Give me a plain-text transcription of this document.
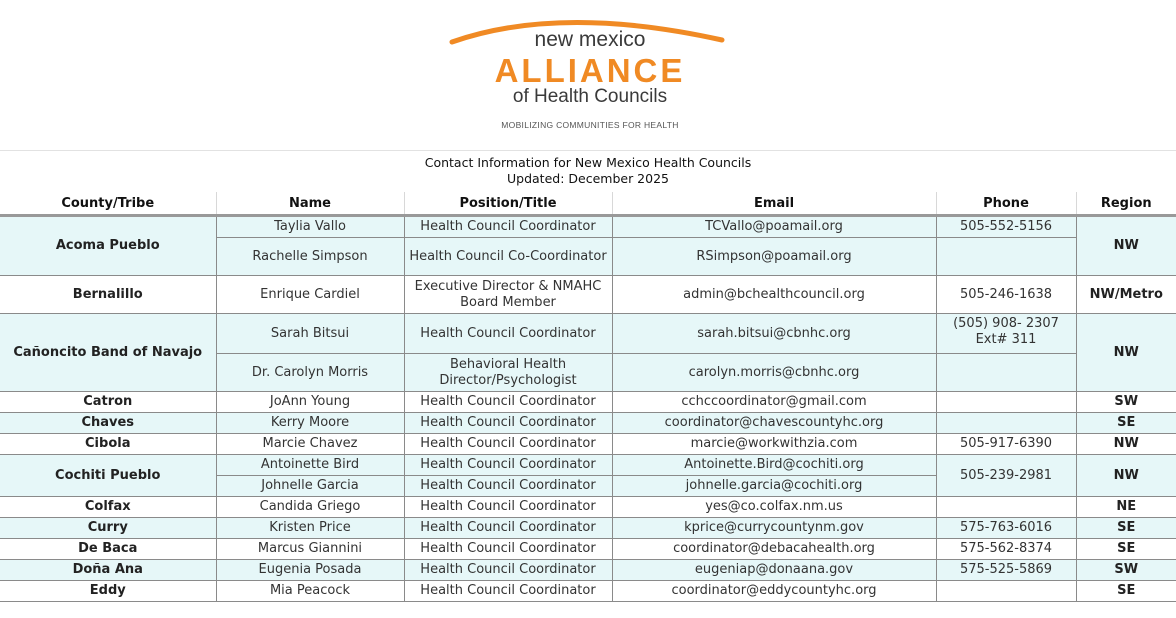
new mexico
ALLIANCE
of Health Councils
MOBILIZING COMMUNITIES FOR HEALTH
Contact Information for New Mexico Health Councils
Updated: December 2025
County/Tribe	Name	Position/Title	Email	Phone	Region
Acoma Pueblo	Taylia Vallo	Health Council Coordinator	TCVallo@poamail.org	505-552-5156	NW
	Rachelle Simpson	Health Council Co-Coordinator	RSimpson@poamail.org		
Bernalillo	Enrique Cardiel	Executive Director & NMAHC Board Member	admin@bchealthcouncil.org	505-246-1638	NW/Metro
Cañoncito Band of Navajo	Sarah Bitsui	Health Council Coordinator	sarah.bitsui@cbnhc.org	(505) 908- 2307 Ext# 311	NW
	Dr. Carolyn Morris	Behavioral Health Director/Psychologist	carolyn.morris@cbnhc.org		
Catron	JoAnn Young	Health Council Coordinator	cchccoordinator@gmail.com		SW
Chaves	Kerry Moore	Health Council Coordinator	coordinator@chavescountyhc.org		SE
Cibola	Marcie Chavez	Health Council Coordinator	marcie@workwithzia.com	505-917-6390	NW
Cochiti Pueblo	Antoinette Bird	Health Council Coordinator	Antoinette.Bird@cochiti.org	505-239-2981	NW
	Johnelle Garcia	Health Council Coordinator	johnelle.garcia@cochiti.org		
Colfax	Candida Griego	Health Council Coordinator	yes@co.colfax.nm.us		NE
Curry	Kristen Price	Health Council Coordinator	kprice@currycountynm.gov	575-763-6016	SE
De Baca	Marcus Giannini	Health Council Coordinator	coordinator@debacahealth.org	575-562-8374	SE
Doña Ana	Eugenia Posada	Health Council Coordinator	eugeniap@donaana.gov	575-525-5869	SW
Eddy	Mia Peacock	Health Council Coordinator	coordinator@eddycountyhc.org		SE
